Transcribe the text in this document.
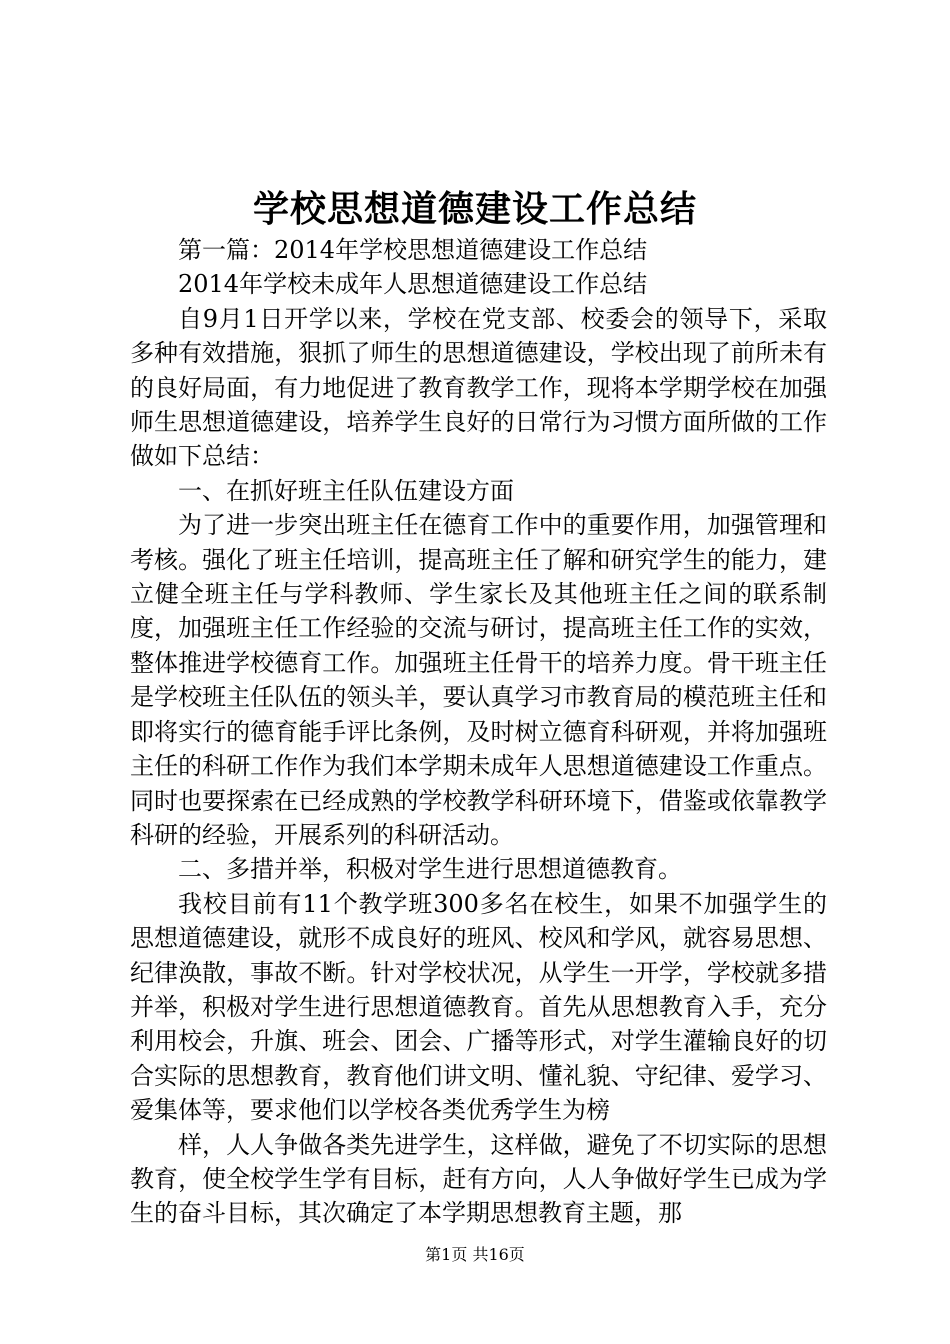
学校思想道德建设工作总结

第一篇：2014年学校思想道德建设工作总结

2014年学校未成年人思想道德建设工作总结

自9月1日开学以来，学校在党支部、校委会的领导下，采取多种有效措施，狠抓了师生的思想道德建设，学校出现了前所未有的良好局面，有力地促进了教育教学工作，现将本学期学校在加强师生思想道德建设，培养学生良好的日常行为习惯方面所做的工作做如下总结：

一、在抓好班主任队伍建设方面

为了进一步突出班主任在德育工作中的重要作用，加强管理和考核。强化了班主任培训，提高班主任了解和研究学生的能力，建立健全班主任与学科教师、学生家长及其他班主任之间的联系制度，加强班主任工作经验的交流与研讨，提高班主任工作的实效，整体推进学校德育工作。加强班主任骨干的培养力度。骨干班主任是学校班主任队伍的领头羊，要认真学习市教育局的模范班主任和即将实行的德育能手评比条例，及时树立德育科研观，并将加强班主任的科研工作作为我们本学期未成年人思想道德建设工作重点。同时也要探索在已经成熟的学校教学科研环境下，借鉴或依靠教学科研的经验，开展系列的科研活动。

二、多措并举，积极对学生进行思想道德教育。

我校目前有11个教学班300多名在校生，如果不加强学生的思想道德建设，就形不成良好的班风、校风和学风，就容易思想、纪律涣散，事故不断。针对学校状况，从学生一开学，学校就多措并举，积极对学生进行思想道德教育。首先从思想教育入手，充分利用校会，升旗、班会、团会、广播等形式，对学生灌输良好的切合实际的思想教育，教育他们讲文明、懂礼貌、守纪律、爱学习、爱集体等，要求他们以学校各类优秀学生为榜

样，人人争做各类先进学生，这样做，避免了不切实际的思想教育，使全校学生学有目标，赶有方向，人人争做好学生已成为学生的奋斗目标，其次确定了本学期思想教育主题，那

第1页 共16页
